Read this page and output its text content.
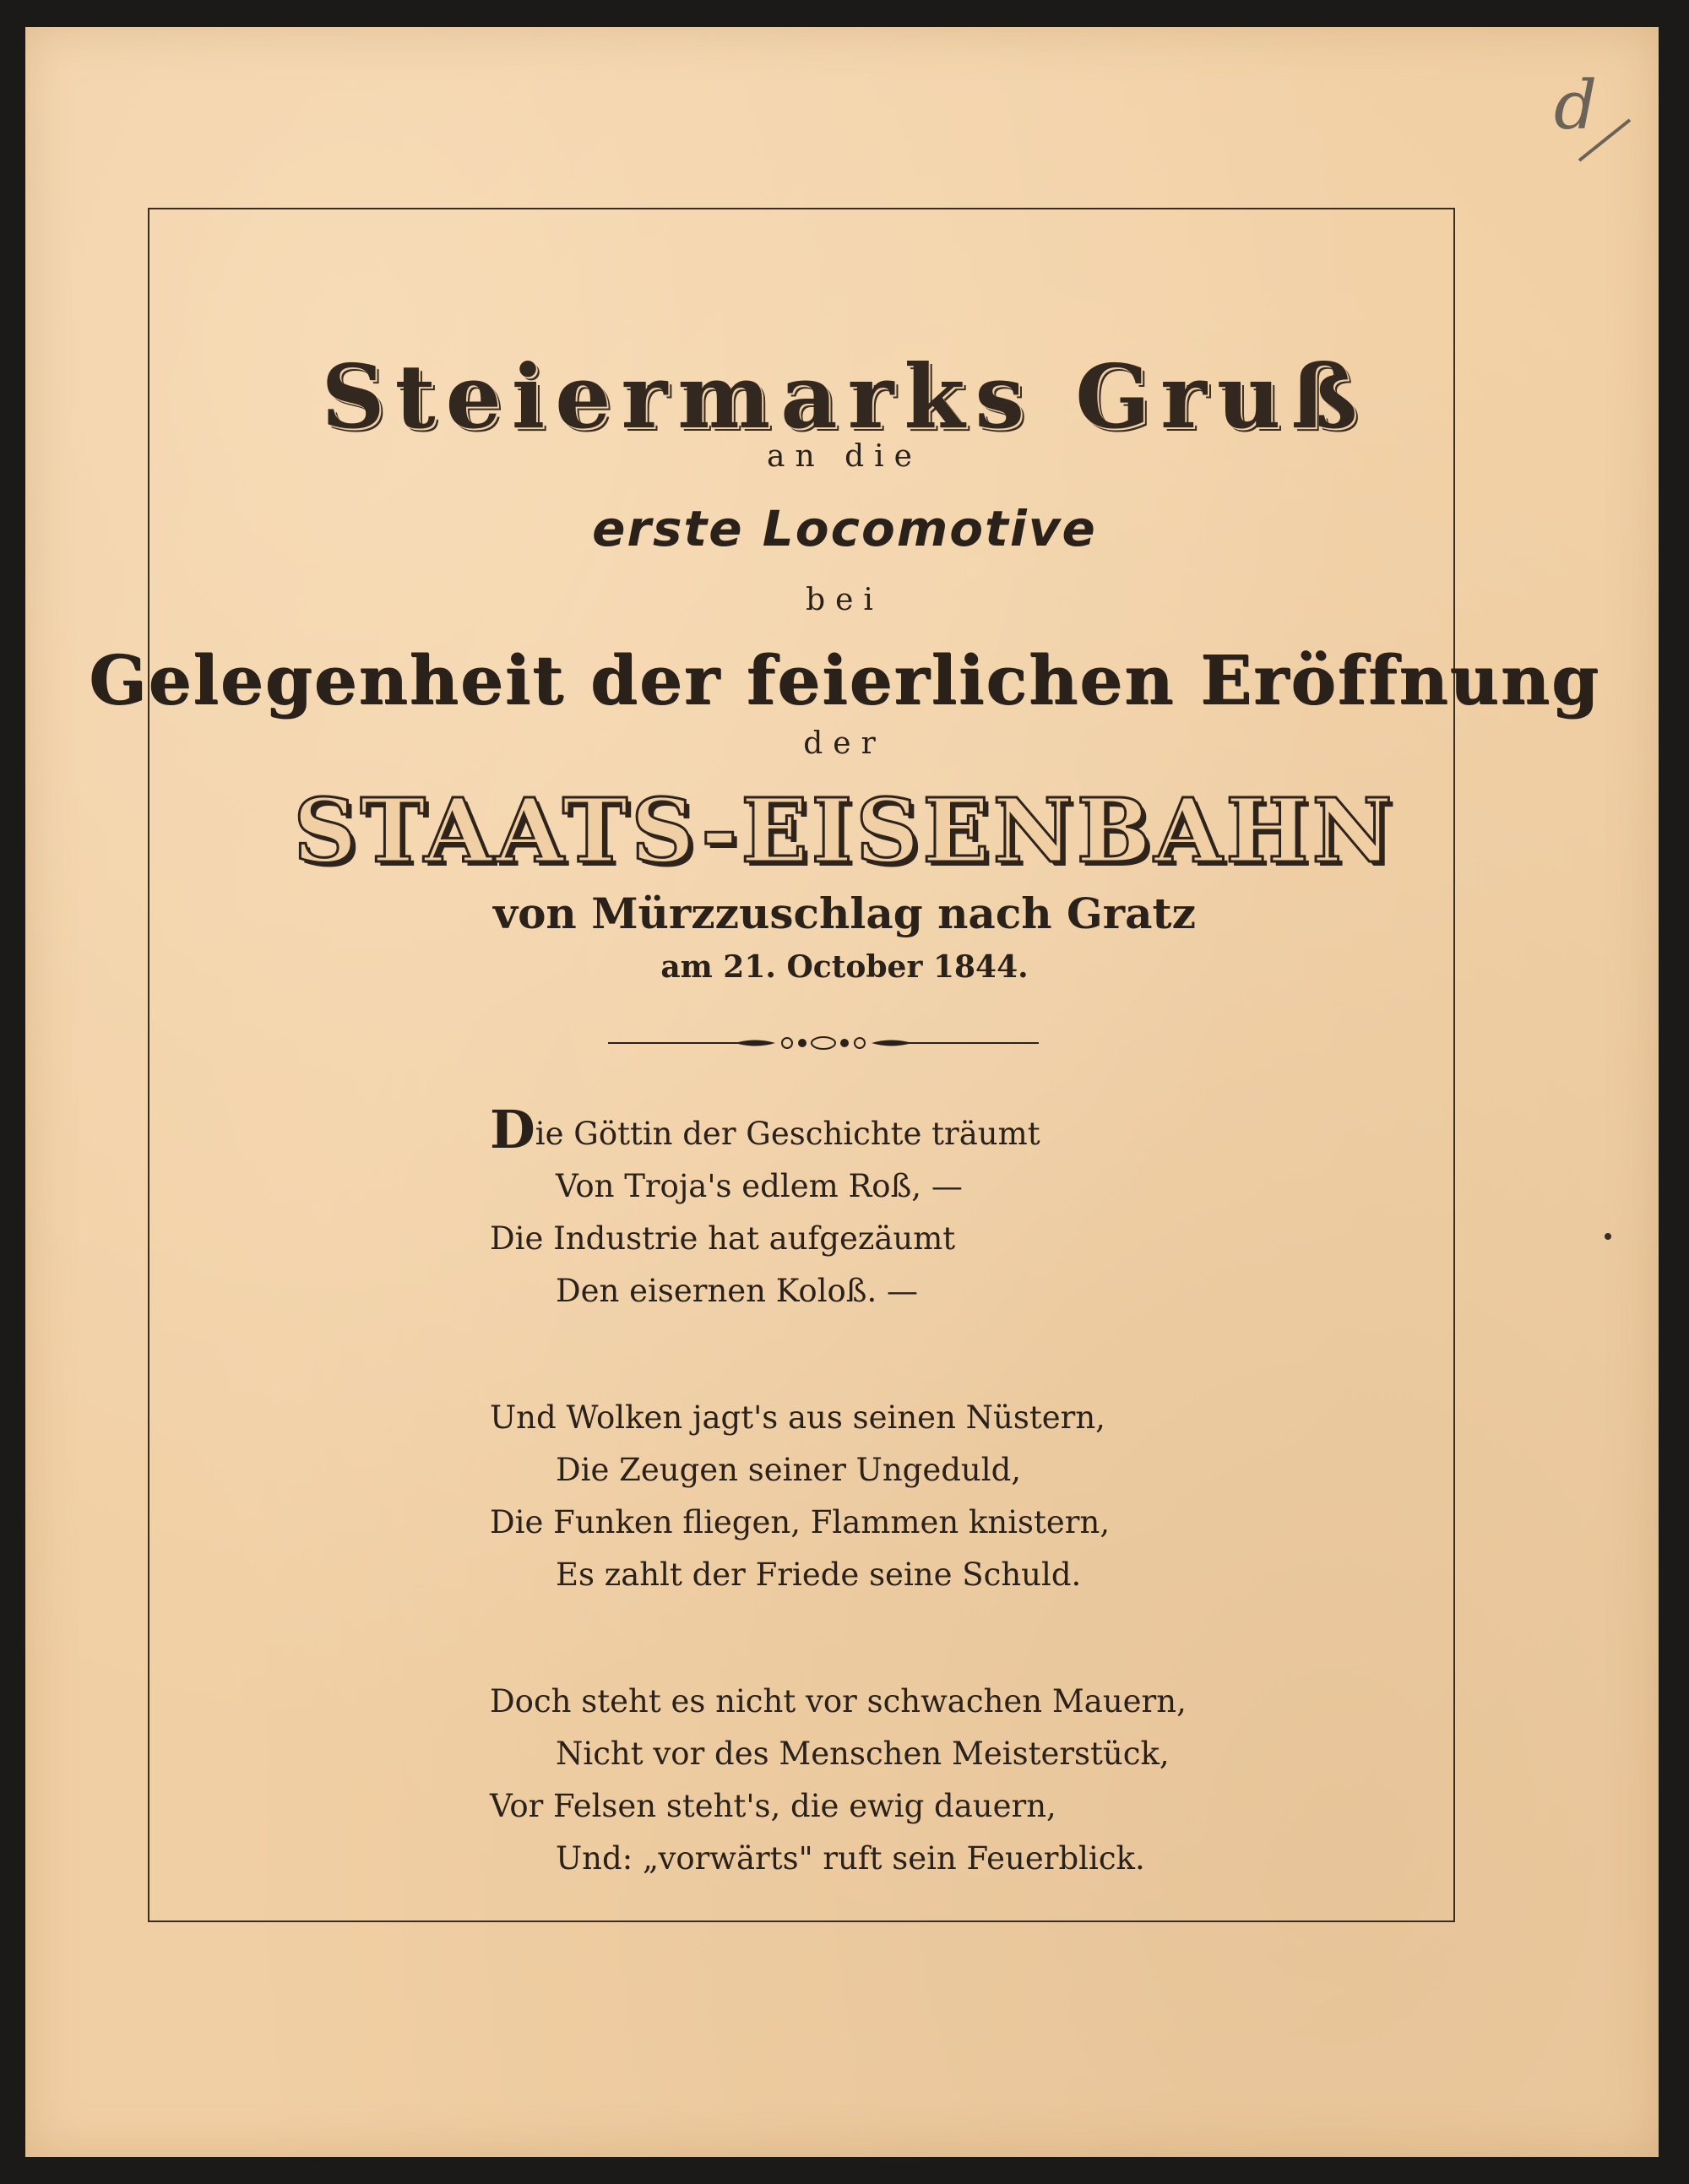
d
Steiermarks Gruß
an die
erste Locomotive
bei
Gelegenheit der feierlichen Eröffnung
der
STAATS-EISENBAHN
von Mürzzuschlag nach Gratz
am 21. October 1844.
Die Göttin der Geschichte träumt
Von Troja's edlem Roß, —
Die Industrie hat aufgezäumt
Den eisernen Koloß. —
Und Wolken jagt's aus seinen Nüstern,
Die Zeugen seiner Ungeduld,
Die Funken fliegen, Flammen knistern,
Es zahlt der Friede seine Schuld.
Doch steht es nicht vor schwachen Mauern,
Nicht vor des Menschen Meisterstück,
Vor Felsen steht's, die ewig dauern,
Und: „vorwärts" ruft sein Feuerblick.
